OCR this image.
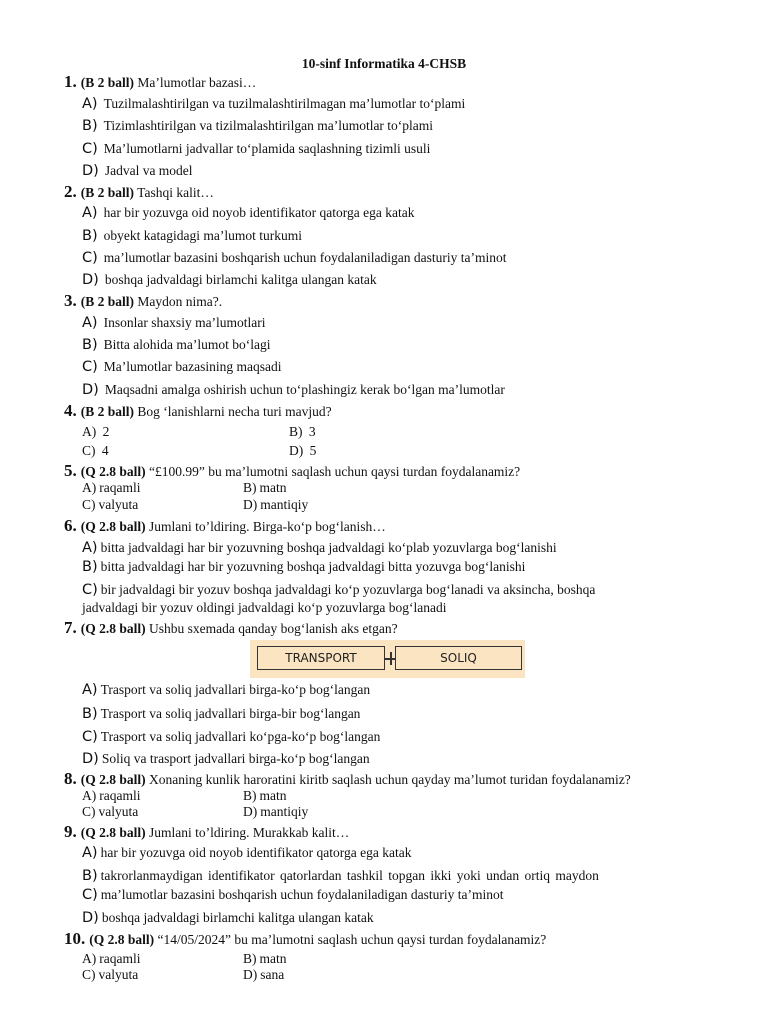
10-sinf Informatika 4-CHSB
1. (B 2 ball) Ma’lumotlar bazasi…
A) Tuzilmalashtirilgan va tuzilmalashtirilmagan ma’lumotlar to‘plami
B) Tizimlashtirilgan va tizilmalashtirilgan ma’lumotlar to‘plami
C) Ma’lumotlarni jadvallar to‘plamida saqlashning tizimli usuli
D) Jadval va model
2. (B 2 ball) Tashqi kalit…
A) har bir yozuvga oid noyob identifikator qatorga ega katak
B) obyekt katagidagi ma’lumot turkumi
C) ma’lumotlar bazasini boshqarish uchun foydalaniladigan dasturiy ta’minot
D) boshqa jadvaldagi birlamchi kalitga ulangan katak
3. (B 2 ball) Maydon nima?.
A) Insonlar shaxsiy ma’lumotlari
B) Bitta alohida ma’lumot bo‘lagi
C) Ma’lumotlar bazasining maqsadi
D) Maqsadni amalga oshirish uchun to‘plashingiz kerak bo‘lgan ma’lumotlar
4. (B 2 ball) Bog ‘lanishlarni necha turi mavjud?
A) 2	B) 3
C) 4	D) 5
5. (Q 2.8 ball) “£100.99” bu ma’lumotni saqlash uchun qaysi turdan foydalanamiz?
A) raqamli	B) matn
C) valyuta	D) mantiqiy
6. (Q 2.8 ball) Jumlani to’ldiring. Birga-ko‘p bog‘lanish…
A) bitta jadvaldagi har bir yozuvning boshqa jadvaldagi ko‘plab yozuvlarga bog‘lanishi
B) bitta jadvaldagi har bir yozuvning boshqa jadvaldagi bitta yozuvga bog‘lanishi
C) bir jadvaldagi bir yozuv boshqa jadvaldagi ko‘p yozuvlarga bog‘lanadi va aksincha, boshqa
jadvaldagi bir yozuv oldingi jadvaldagi ko‘p yozuvlarga bog‘lanadi
7. (Q 2.8 ball) Ushbu sxemada qanday bog‘lanish aks etgan?
TRANSPORT	SOLIQ
A) Trasport va soliq jadvallari birga-ko‘p bog‘langan
B) Trasport va soliq jadvallari birga-bir bog‘langan
C) Trasport va soliq jadvallari ko‘pga-ko‘p bog‘langan
D) Soliq va trasport jadvallari birga-ko‘p bog‘langan
8. (Q 2.8 ball) Xonaning kunlik haroratini kiritb saqlash uchun qayday ma’lumot turidan foydalanamiz?
A) raqamli	B) matn
C) valyuta	D) mantiqiy
9. (Q 2.8 ball) Jumlani to’ldiring. Murakkab kalit…
A) har bir yozuvga oid noyob identifikator qatorga ega katak
B) takrorlanmaydigan identifikator qatorlardan tashkil topgan ikki yoki undan ortiq maydon
C) ma’lumotlar bazasini boshqarish uchun foydalaniladigan dasturiy ta’minot
D) boshqa jadvaldagi birlamchi kalitga ulangan katak
10. (Q 2.8 ball) “14/05/2024” bu ma’lumotni saqlash uchun qaysi turdan foydalanamiz?
A) raqamli	B) matn
C) valyuta	D) sana
